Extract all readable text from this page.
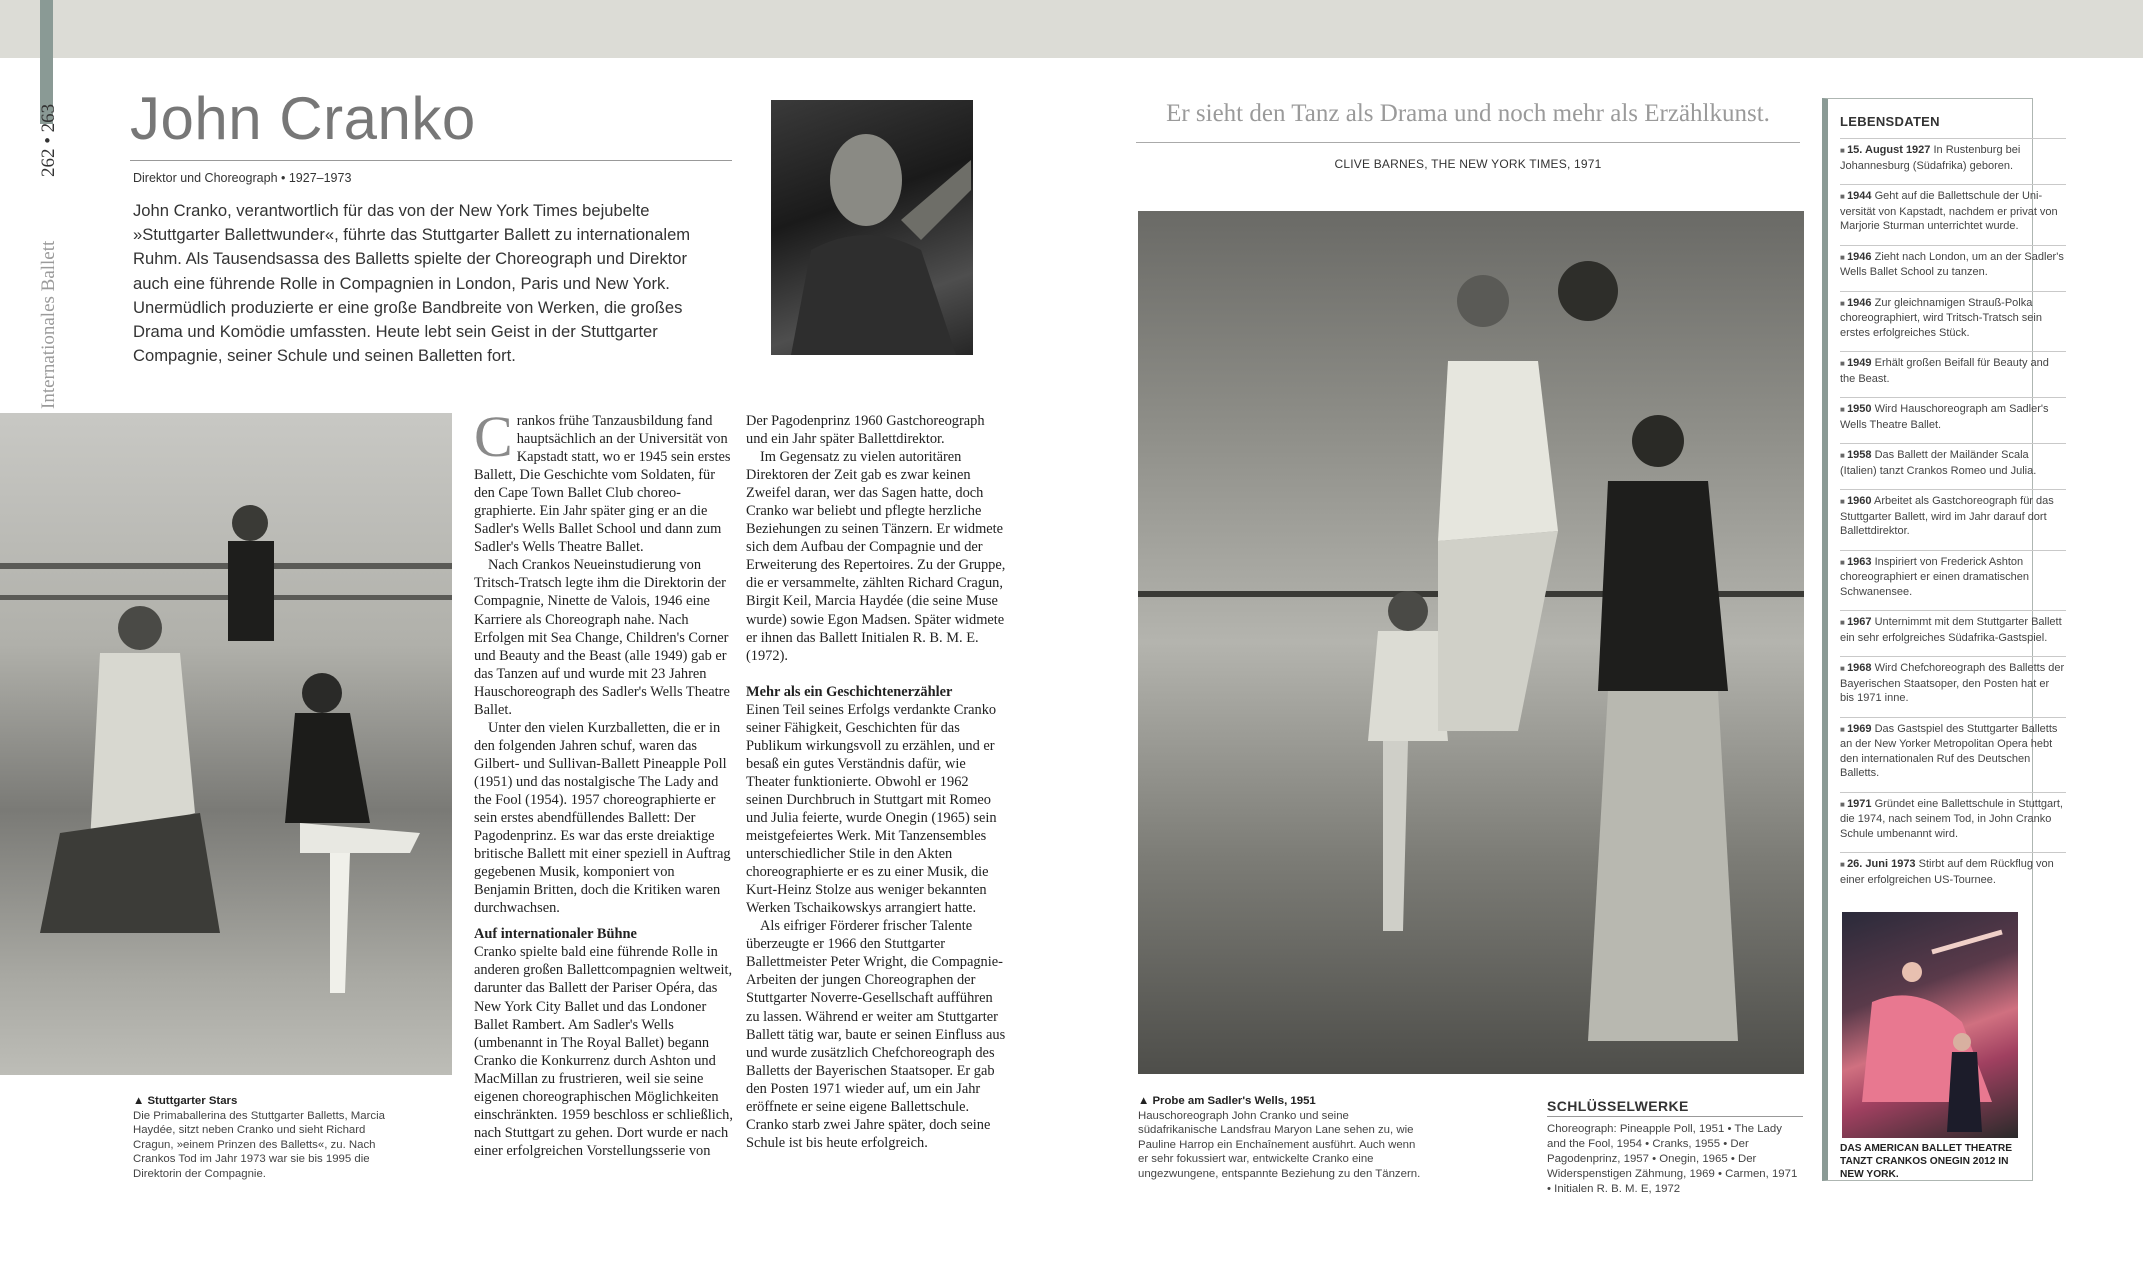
262 • 263
Internationales Ballett
John Cranko
Direktor und Choreograph • 1927–1973
John Cranko, verantwortlich für das von der New York Times bejubelte »Stuttgarter Ballettwunder«, führte das Stuttgarter Ballett zu internationalem Ruhm. Als Tausendsassa des Balletts spielte der Choreograph und Direktor auch eine führende Rolle in Compagnien in London, Paris und New York. Unermüdlich produzierte er eine große Bandbreite von Werken, die großes Drama und Komödie umfassten. Heute lebt sein Geist in der Stuttgarter Compagnie, seiner Schule und seinen Balletten fort.
▲ Stuttgarter Stars
Die Primaballerina des Stuttgarter Balletts, Marcia Haydée, sitzt neben Cranko und sieht Richard Cragun, »einem Prinzen des Balletts«, zu. Nach Crankos Tod im Jahr 1973 war sie bis 1995 die Direktorin der Compagnie.
Crankos frühe Tanzausbildung fand hauptsächlich an der Universität von Kapstadt statt, wo er 1945 sein erstes Ballett, Die Geschichte vom Soldaten, für den Cape Town Ballet Club choreographierte. Ein Jahr später ging er an die Sadler's Wells Ballet School und dann zum Sadler's Wells Theatre Ballet.

Nach Crankos Neueinstudierung von Tritsch-Tratsch legte ihm die Direktorin der Compagnie, Ninette de Valois, 1946 eine Karriere als Choreograph nahe. Nach Erfolgen mit Sea Change, Children's Corner und Beauty and the Beast (alle 1949) gab er das Tanzen auf und wurde mit 23 Jahren Hauschoreograph des Sadler's Wells Theatre Ballet.
Unter den vielen Kurzballetten, die er in den folgenden Jahren schuf, waren das Gilbert- und Sullivan-Ballett Pineapple Poll (1951) und das nostalgische The Lady and the Fool (1954). 1957 choreographierte er sein erstes abendfüllendes Ballett: Der Pagodenprinz. Es war das erste dreiaktige britische Ballett mit einer speziell in Auftrag gegebenen Musik, komponiert von Benjamin Britten, doch die Kritiken waren durchwachsen.
Auf internationaler Bühne
Cranko spielte bald eine führende Rolle in anderen großen Ballettcompagnien weltweit, darunter das Ballett der Pariser Opéra, das New York City Ballet und das Londoner Ballet Rambert. Am Sadler's Wells (umbenannt in The Royal Ballet) begann Cranko die Konkurrenz durch Ashton und MacMillan zu frustrieren, weil sie seine eigenen choreographischen Möglichkeiten einschränkten. 1959 beschloss er schließlich, nach Stuttgart zu gehen. Dort wurde er nach einer erfolgreichen Vorstellungsserie von
Der Pagodenprinz 1960 Gastchoreograph und ein Jahr später Ballettdirektor.
Im Gegensatz zu vielen autoritären Direktoren der Zeit gab es zwar keinen Zweifel daran, wer das Sagen hatte, doch Cranko war beliebt und pflegte herzliche Beziehungen zu seinen Tänzern. Er widmete sich dem Aufbau der Compagnie und der Erweiterung des Repertoires. Zu der Gruppe, die er versammelte, zählten Richard Cragun, Birgit Keil, Marcia Haydée (die seine Muse wurde) sowie Egon Madsen. Später widmete er ihnen das Ballett Initialen R. B. M. E. (1972).
Mehr als ein Geschichtenerzähler
Einen Teil seines Erfolgs verdankte Cranko seiner Fähigkeit, Geschichten für das Publikum wirkungsvoll zu erzählen, und er besaß ein gutes Verständnis dafür, wie Theater funktionierte. Obwohl er 1962 seinen Durchbruch in Stuttgart mit Romeo und Julia feierte, wurde Onegin (1965) sein meistgefeiertes Werk. Mit Tanzensembles unterschiedlicher Stile in den Akten choreographierte er es zu einer Musik, die Kurt-Heinz Stolze aus weniger bekannten Werken Tschaikowskys arrangiert hatte.
Als eifriger Förderer frischer Talente überzeugte er 1966 den Stuttgarter Ballettmeister Peter Wright, die Compagnie-Arbeiten der jungen Choreographen der Stuttgarter Noverre-Gesellschaft aufführen zu lassen. Während er weiter am Stuttgarter Ballett tätig war, baute er seinen Einfluss aus und wurde zusätzlich Chefchoreograph des Balletts der Bayerischen Staatsoper. Er gab den Posten 1971 wieder auf, um ein Jahr eröffnete er seine eigene Ballettschule. Cranko starb zwei Jahre später, doch seine Schule ist bis heute erfolgreich.
Er sieht den Tanz als Drama und noch mehr als Erzählkunst.
CLIVE BARNES, THE NEW YORK TIMES, 1971
▲ Probe am Sadler's Wells, 1951
Hauschoreograph John Cranko und seine südafrikanische Landsfrau Maryon Lane sehen zu, wie Pauline Harrop ein Enchaînement ausführt. Auch wenn er sehr fokussiert war, entwickelte Cranko eine ungezwungene, entspannte Beziehung zu den Tänzern.
SCHLÜSSELWERKE
Choreograph: Pineapple Poll, 1951 • The Lady and the Fool, 1954 • Cranks, 1955 • Der Pagodenprinz, 1957 • Onegin, 1965 • Der Widerspenstigen Zähmung, 1969 • Carmen, 1971 • Initialen R. B. M. E, 1972
LEBENSDATEN
■ 15. August 1927 In Rustenburg bei Johannesburg (Südafrika) geboren.
■ 1944 Geht auf die Ballettschule der Universität von Kapstadt, nachdem er privat von Marjorie Sturman unterrichtet wurde.
■ 1946 Zieht nach London, um an der Sadler's Wells Ballet School zu tanzen.
■ 1946 Zur gleichnamigen Strauß-Polka choreographiert, wird Tritsch-Tratsch sein erstes erfolgreiches Stück.
■ 1949 Erhält großen Beifall für Beauty and the Beast.
■ 1950 Wird Hauschoreograph am Sadler's Wells Theatre Ballet.
■ 1958 Das Ballett der Mailänder Scala (Italien) tanzt Crankos Romeo und Julia.
■ 1960 Arbeitet als Gastchoreograph für das Stuttgarter Ballett, wird im Jahr darauf dort Ballettdirektor.
■ 1963 Inspiriert von Frederick Ashton choreographiert er einen dramatischen Schwanensee.
■ 1967 Unternimmt mit dem Stuttgarter Ballett ein sehr erfolgreiches Südafrika-Gastspiel.
■ 1968 Wird Chefchoreograph des Balletts der Bayerischen Staatsoper, den Posten hat er bis 1971 inne.
■ 1969 Das Gastspiel des Stuttgarter Balletts an der New Yorker Metropolitan Opera hebt den internationalen Ruf des Deutschen Balletts.
■ 1971 Gründet eine Ballettschule in Stuttgart, die 1974, nach seinem Tod, in John Cranko Schule umbenannt wird.
■ 26. Juni 1973 Stirbt auf dem Rückflug von einer erfolgreichen US-Tournee.
DAS AMERICAN BALLET THEATRE TANZT CRANKOS ONEGIN 2012 IN NEW YORK.
